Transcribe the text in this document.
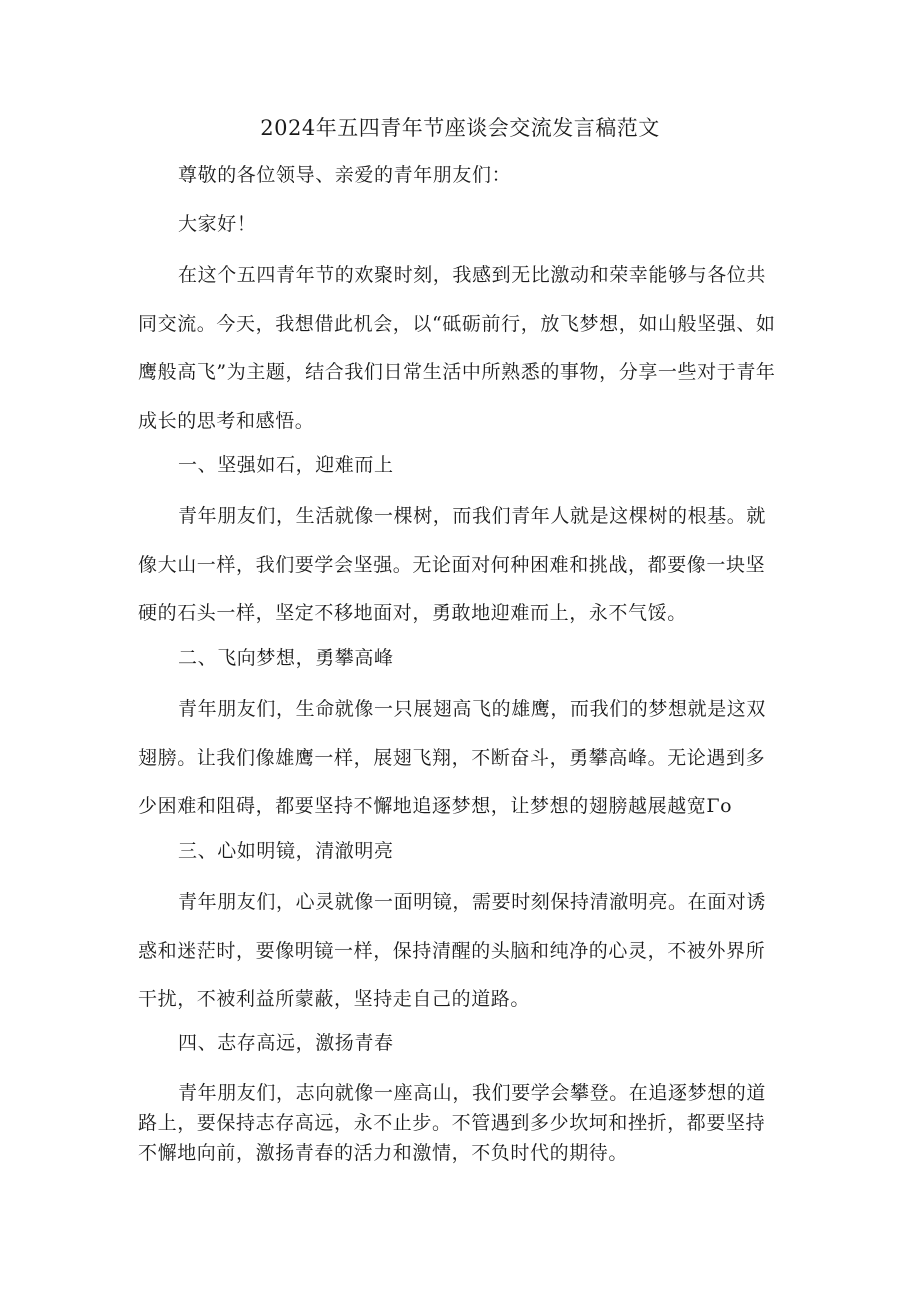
2024年五四青年节座谈会交流发言稿范文
尊敬的各位领导、亲爱的青年朋友们：
大家好！

在这个五四青年节的欢聚时刻，我感到无比激动和荣幸能够与各位共同交流。今天，我想借此机会，以“砥砺前行，放飞梦想，如山般坚强、如鹰般高飞”为主题，结合我们日常生活中所熟悉的事物，分享一些对于青年成长的思考和感悟。

一、坚强如石，迎难而上

青年朋友们，生活就像一棵树，而我们青年人就是这棵树的根基。就像大山一样，我们要学会坚强。无论面对何种困难和挑战，都要像一块坚硬的石头一样，坚定不移地面对，勇敢地迎难而上，永不气馁。

二、飞向梦想，勇攀高峰

青年朋友们，生命就像一只展翅高飞的雄鹰，而我们的梦想就是这双翅膀。让我们像雄鹰一样，展翅飞翔，不断奋斗，勇攀高峰。无论遇到多少困难和阻碍，都要坚持不懈地追逐梦想，让梦想的翅膀越展越宽Γo

三、心如明镜，清澈明亮

青年朋友们，心灵就像一面明镜，需要时刻保持清澈明亮。在面对诱惑和迷茫时，要像明镜一样，保持清醒的头脑和纯净的心灵，不被外界所干扰，不被利益所蒙蔽，坚持走自己的道路。

四、志存高远，激扬青春

青年朋友们，志向就像一座高山，我们要学会攀登。在追逐梦想的道路上，要保持志存高远，永不止步。不管遇到多少坎坷和挫折，都要坚持不懈地向前，激扬青春的活力和激情，不负时代的期待。
